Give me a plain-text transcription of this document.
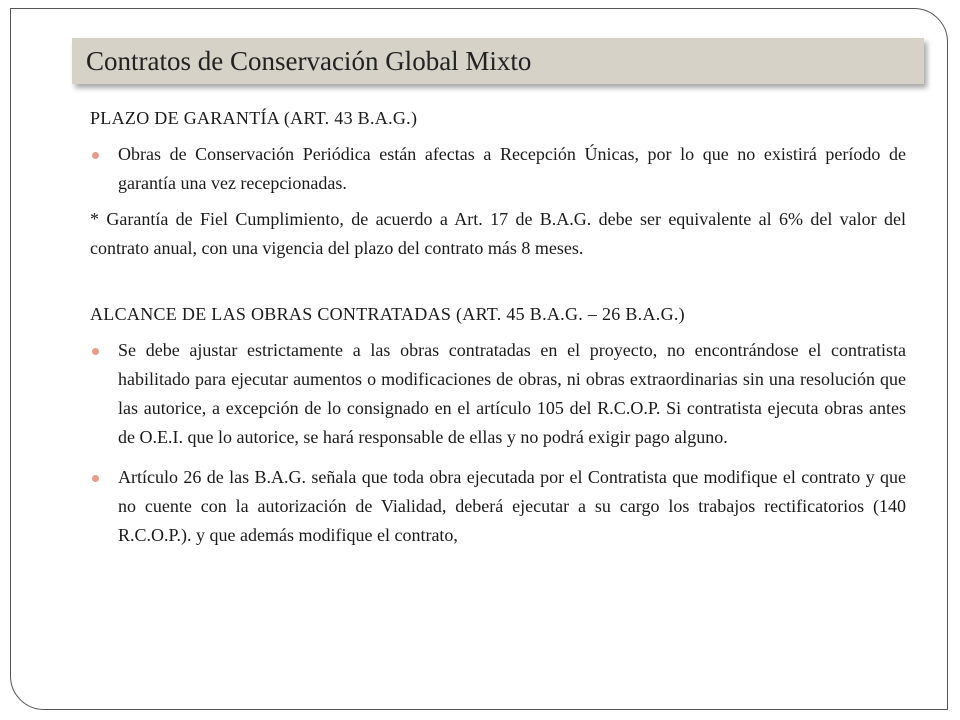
Contratos de Conservación Global Mixto

PLAZO DE GARANTÍA (ART. 43 B.A.G.)

Obras de Conservación Periódica están afectas a Recepción Únicas, por lo que no existirá período de garantía una vez recepcionadas.
* Garantía de Fiel Cumplimiento, de acuerdo a Art. 17 de B.A.G. debe ser equivalente al 6% del valor del contrato anual, con una vigencia del plazo del contrato más 8 meses.

ALCANCE DE LAS OBRAS CONTRATADAS (ART. 45 B.A.G. – 26 B.A.G.)

Se debe ajustar estrictamente a las obras contratadas en el proyecto, no encontrándose el contratista habilitado para ejecutar aumentos o modificaciones de obras, ni obras extraordinarias sin una resolución que las autorice, a excepción de lo consignado en el artículo 105 del R.C.O.P. Si contratista ejecuta obras antes de O.E.I. que lo autorice, se hará responsable de ellas y no podrá exigir pago alguno.
Artículo 26 de las B.A.G. señala que toda obra ejecutada por el Contratista que modifique el contrato y que no cuente con la autorización de Vialidad, deberá ejecutar a su cargo los trabajos rectificatorios (140 R.C.O.P.). y que además modifique el contrato,
